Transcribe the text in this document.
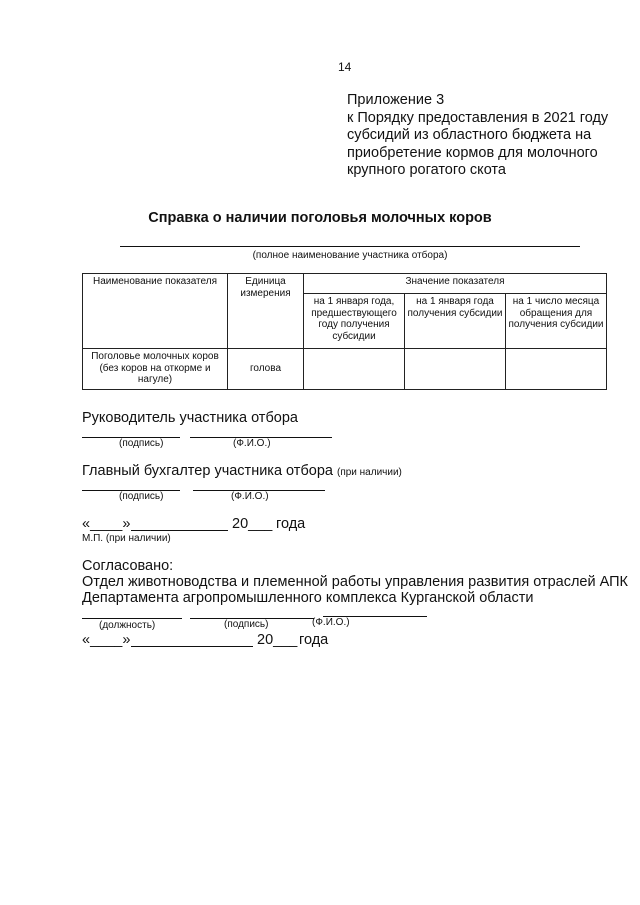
14
Приложение 3
к Порядку предоставления в 2021 году
субсидий из областного бюджета на
приобретение кормов для молочного
крупного рогатого скота
Справка о наличии поголовья молочных коров
(полное наименование участника отбора)
Наименование показателя	Единица измерения	Значение показателя		
		на 1 января года, предшествующего году получения субсидии	на 1 января года получения субсидии	на 1 число месяца обращения для получения субсидии
Поголовье молочных коров (без коров на откорме и нагуле)	голова			
Руководитель участника отбора
(подпись)	(Ф.И.О.)
Главный бухгалтер участника отбора (при наличии)
(подпись)	(Ф.И.О.)
«____»	20___ года
М.П. (при наличии)
Согласовано:
Отдел животноводства и племенной работы управления развития отраслей АПК
Департамента агропромышленного комплекса Курганской области
(должность)	(подпись)	(Ф.И.О.)
«____»	20___ года
